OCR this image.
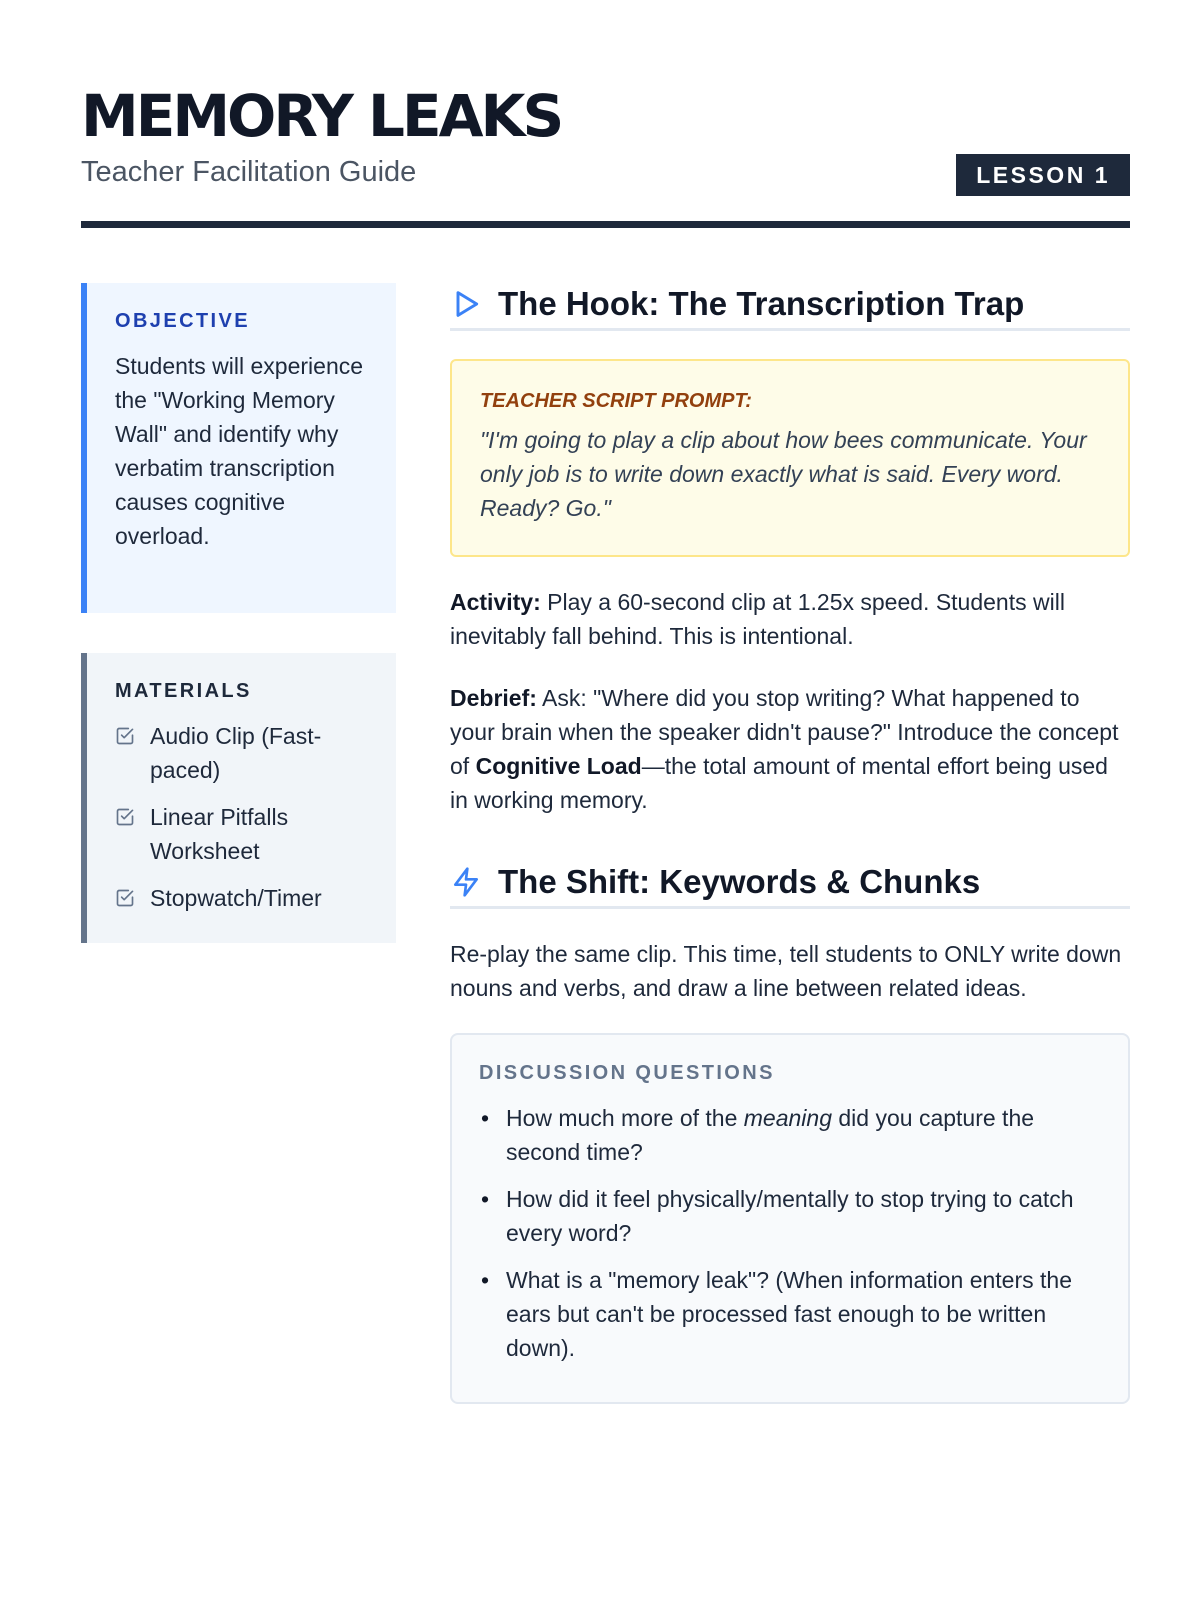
MEMORY LEAKS
Teacher Facilitation Guide	LESSON 1
OBJECTIVE
Students will experience the "Working Memory Wall" and identify why verbatim transcription causes cognitive overload.
MATERIALS
Audio Clip (Fast-paced)
Linear Pitfalls Worksheet
Stopwatch/Timer
The Hook: The Transcription Trap
TEACHER SCRIPT PROMPT:
"I'm going to play a clip about how bees communicate. Your only job is to write down exactly what is said. Every word. Ready? Go."
Activity: Play a 60-second clip at 1.25x speed. Students will inevitably fall behind. This is intentional.
Debrief: Ask: "Where did you stop writing? What happened to your brain when the speaker didn't pause?" Introduce the concept of Cognitive Load—the total amount of mental effort being used in working memory.
The Shift: Keywords & Chunks
Re-play the same clip. This time, tell students to ONLY write down nouns and verbs, and draw a line between related ideas.
DISCUSSION QUESTIONS
• How much more of the meaning did you capture the second time?
• How did it feel physically/mentally to stop trying to catch every word?
• What is a "memory leak"? (When information enters the ears but can't be processed fast enough to be written down).
